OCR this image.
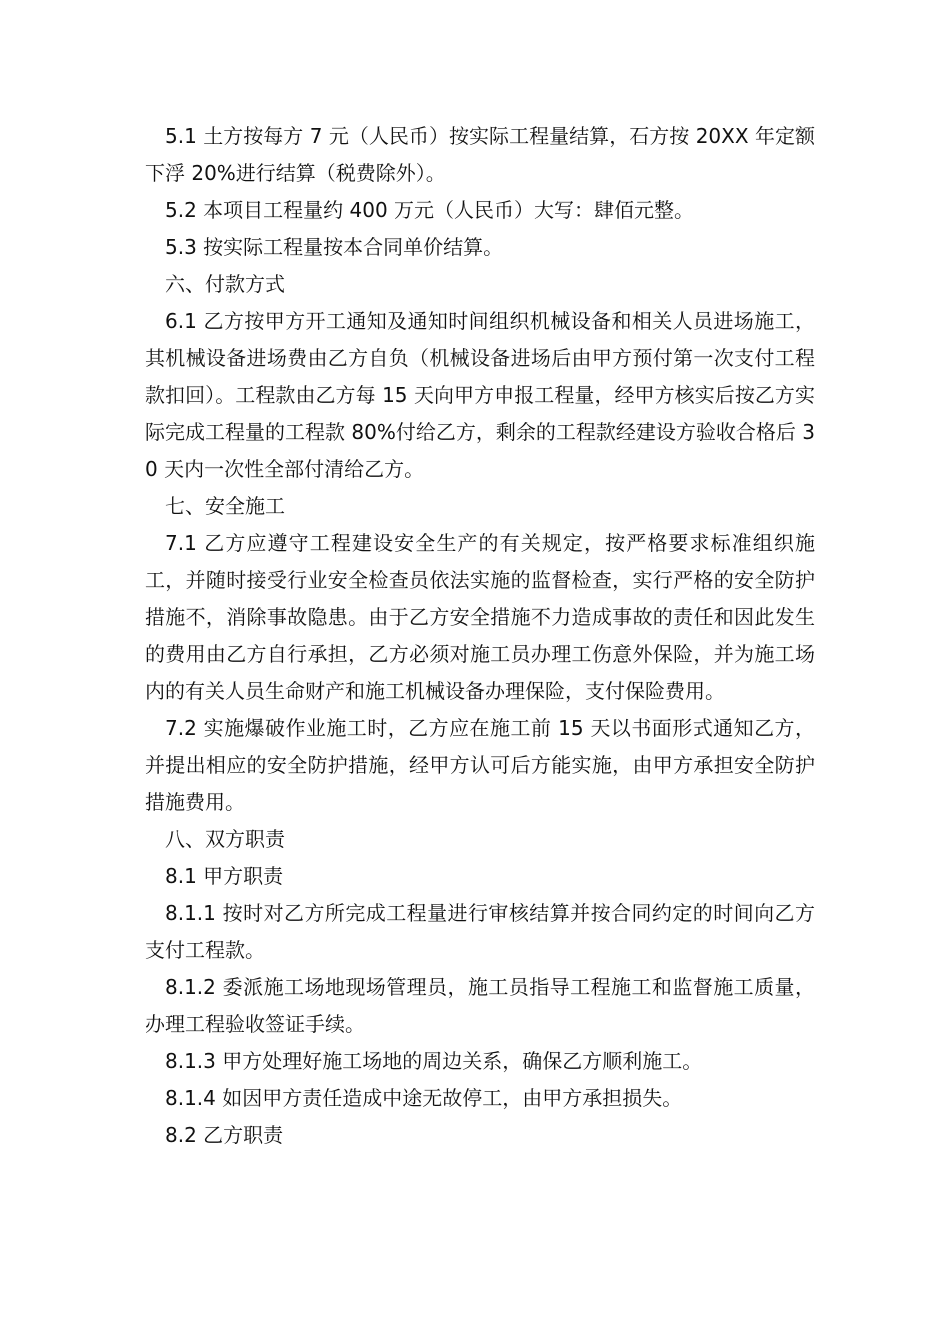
5.1 土方按每方 7 元（人民币）按实际工程量结算，石方按 20XX 年定额下浮 20%进行结算（税费除外）。

5.2 本项目工程量约 400 万元（人民币）大写：肆佰元整。

5.3 按实际工程量按本合同单价结算。

六、付款方式

6.1 乙方按甲方开工通知及通知时间组织机械设备和相关人员进场施工，其机械设备进场费由乙方自负（机械设备进场后由甲方预付第一次支付工程款扣回）。工程款由乙方每 15 天向甲方申报工程量，经甲方核实后按乙方实际完成工程量的工程款 80%付给乙方，剩余的工程款经建设方验收合格后 30 天内一次性全部付清给乙方。

七、安全施工

7.1 乙方应遵守工程建设安全生产的有关规定，按严格要求标准组织施工，并随时接受行业安全检查员依法实施的监督检查，实行严格的安全防护措施不，消除事故隐患。由于乙方安全措施不力造成事故的责任和因此发生的费用由乙方自行承担，乙方必须对施工员办理工伤意外保险，并为施工场内的有关人员生命财产和施工机械设备办理保险，支付保险费用。

7.2 实施爆破作业施工时，乙方应在施工前 15 天以书面形式通知乙方，并提出相应的安全防护措施，经甲方认可后方能实施，由甲方承担安全防护措施费用。

八、双方职责

8.1 甲方职责

8.1.1 按时对乙方所完成工程量进行审核结算并按合同约定的时间向乙方支付工程款。

8.1.2 委派施工场地现场管理员，施工员指导工程施工和监督施工质量，办理工程验收签证手续。

8.1.3 甲方处理好施工场地的周边关系，确保乙方顺利施工。

8.1.4 如因甲方责任造成中途无故停工，由甲方承担损失。

8.2 乙方职责
